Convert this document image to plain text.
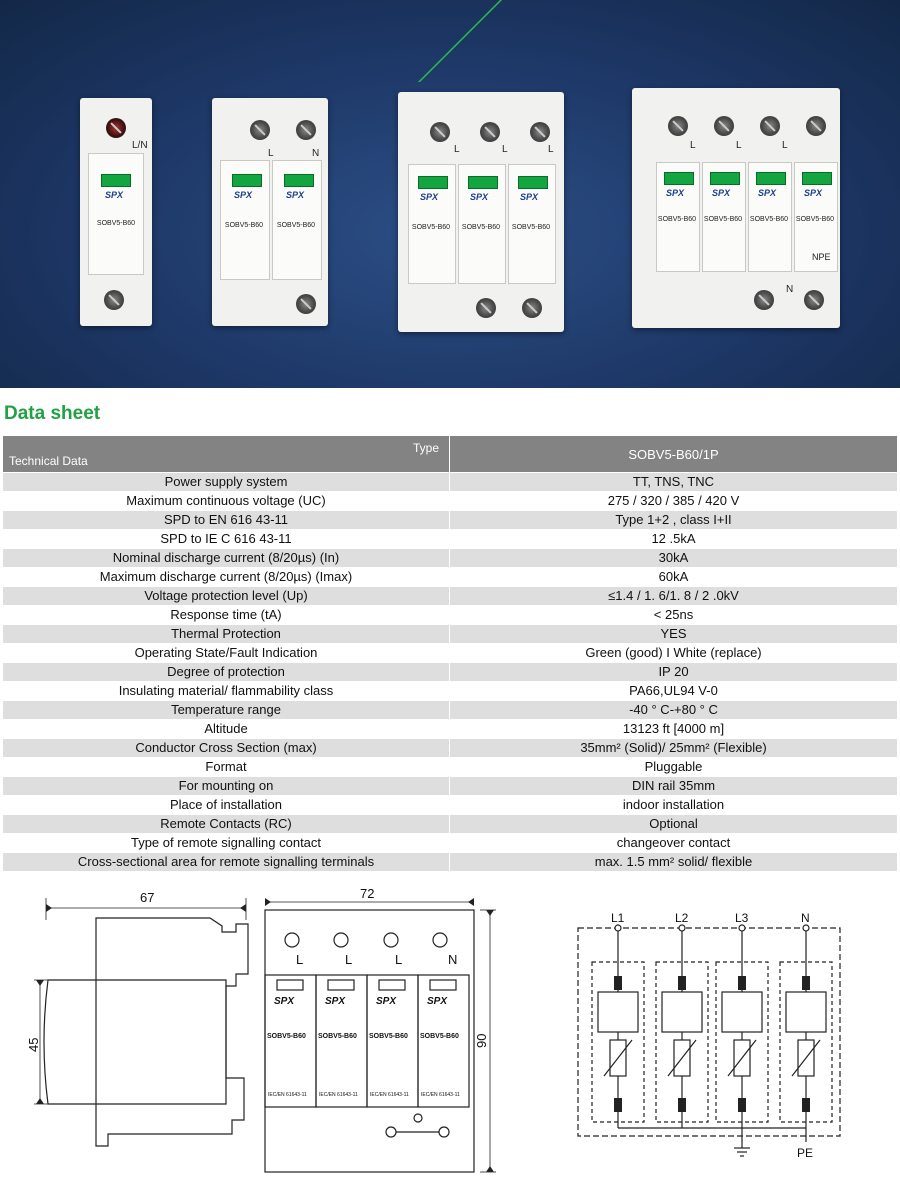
L/N
SPX
SOBV5-B60
L	N
SPX	SPX
SOBV5-B60	SOBV5-B60
L	L	L
SPX	SPX	SPX
SOBV5-B60 SOBV5-B60 SOBV5-B60
L	L	L
SPX	SPX	SPX	SPX
SOBV5-B60 SOBV5-B60 SOBV5-B60 SOBV5-B60
NPE
N
Data sheet
Type
Technical Data	SOBV5-B60/1P
Power supply system	TT, TNS, TNC
Maximum continuous voltage (UC)	275 / 320 / 385 / 420 V
SPD to EN 616 43-11	Type 1+2 , class I+II
SPD to IE C 616 43-11	12 .5kA
Nominal discharge current (8/20µs) (In)	30kA
Maximum discharge current (8/20µs) (Imax)	60kA
Voltage protection level (Up)	≤1.4 / 1. 6/1. 8 / 2 .0kV
Response time (tA)	< 25ns
Thermal Protection	YES
Operating State/Fault Indication	Green (good) I White (replace)
Degree of protection	IP 20
Insulating material/ flammability class	PA66,UL94 V-0
Temperature range	-40 ° C-+80 ° C
Altitude	13123 ft [4000 m]
Conductor Cross Section (max)	35mm² (Solid)/ 25mm² (Flexible)
Format	Pluggable
For mounting on	DIN rail 35mm
Place of installation	indoor installation
Remote Contacts (RC)	Optional
Type of remote signalling contact	changeover contact
Cross-sectional area for remote signalling terminals	max. 1.5 mm² solid/ flexible
67
45
72
90
L	L	L	N
SPX	SPX	SPX	SPX
SOBV5-B60 SOBV5-B60 SOBV5-B60 SOBV5-B60
IEC/EN 61643-11 IEC/EN 61643-11 IEC/EN 61643-11 IEC/EN 61643-11
L1	L2	L3	N
PE
